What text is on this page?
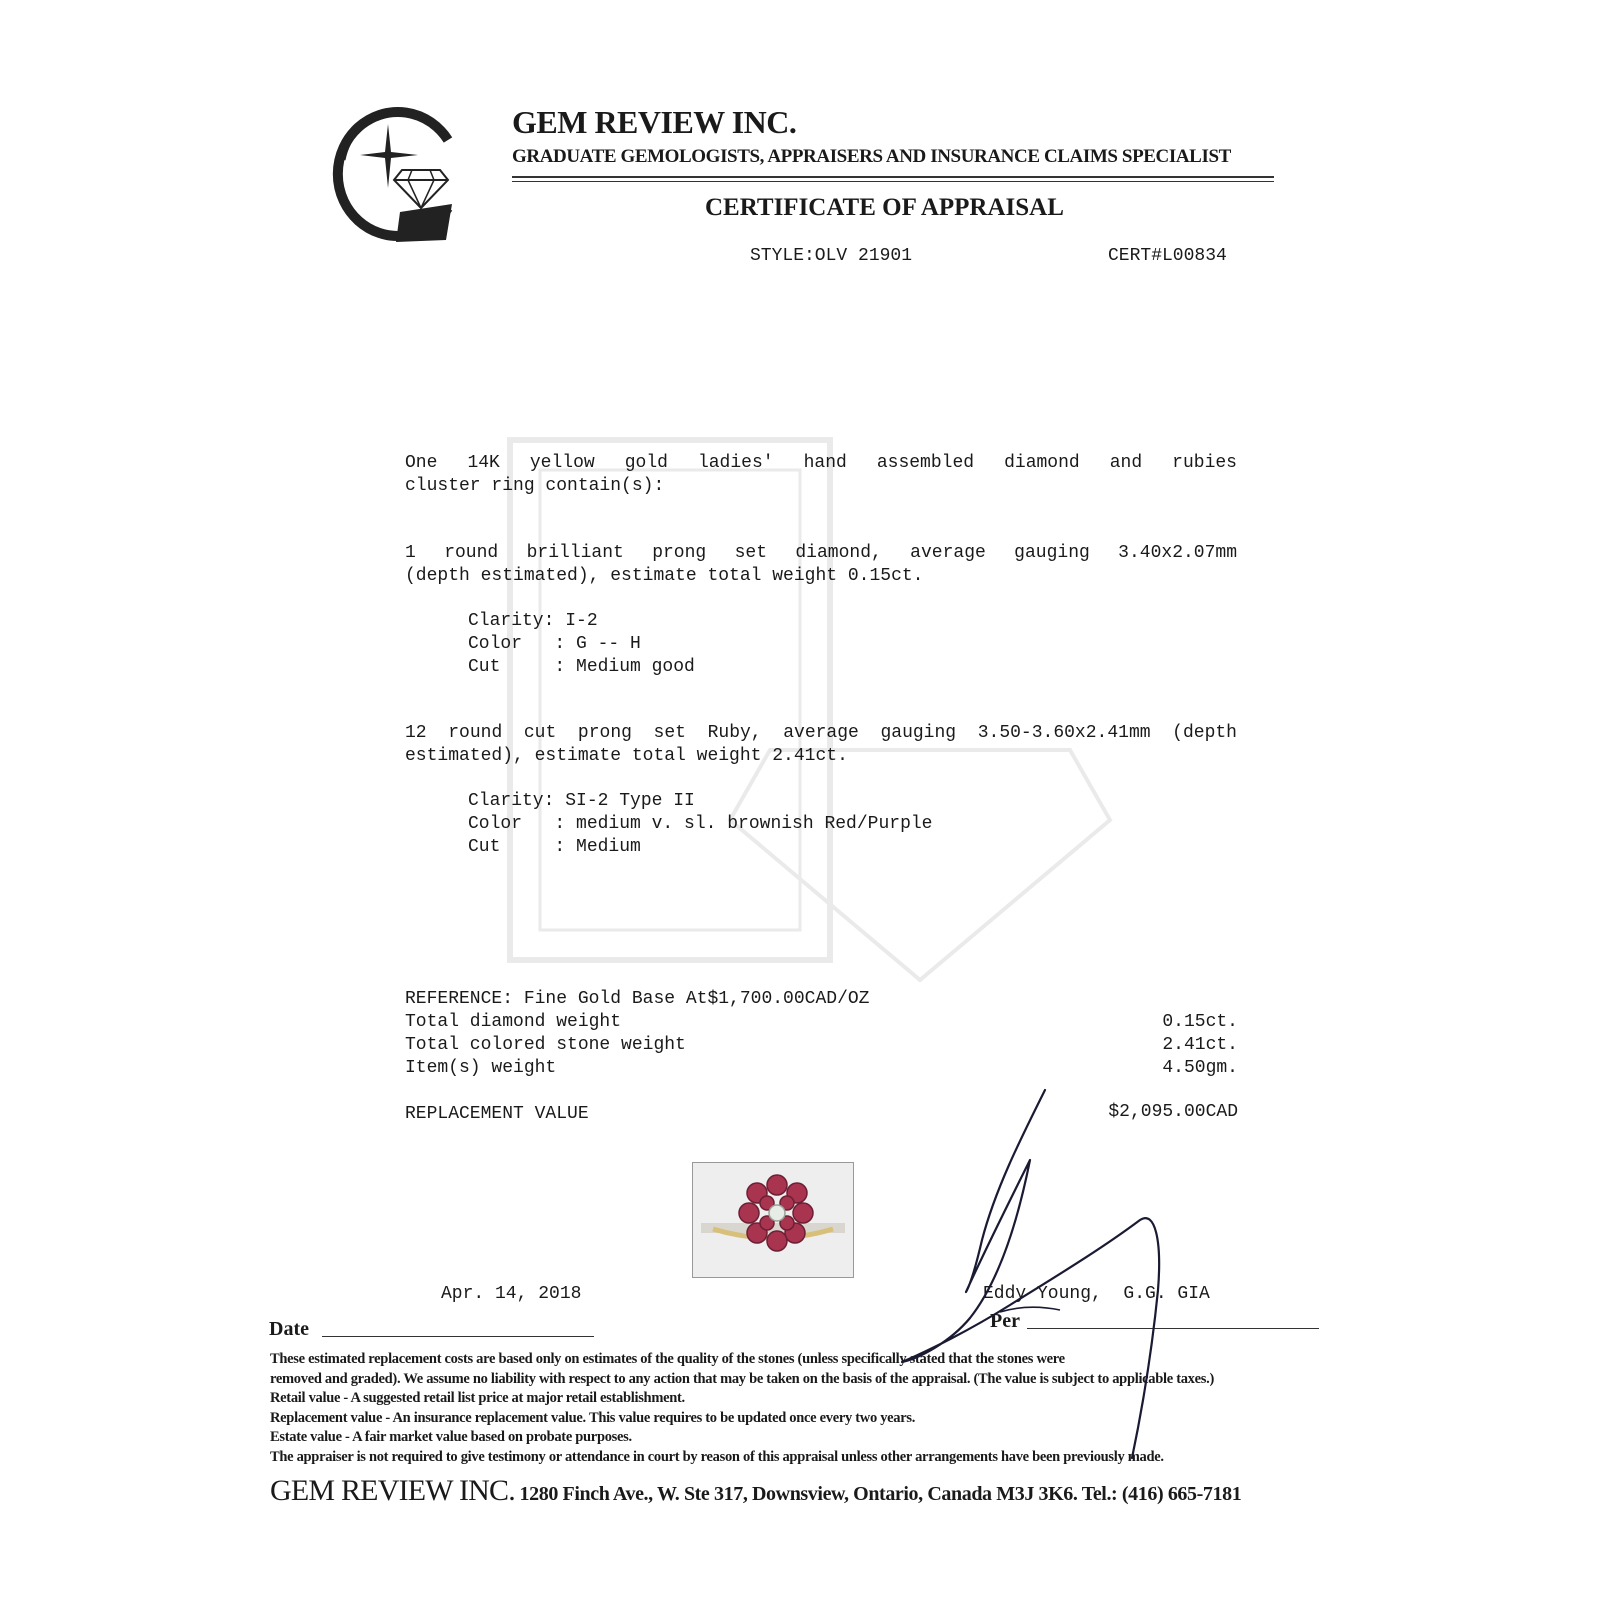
GEM REVIEW INC.
GRADUATE GEMOLOGISTS, APPRAISERS AND INSURANCE CLAIMS SPECIALIST
CERTIFICATE OF APPRAISAL
STYLE:OLV 21901	CERT#L00834
One 14K yellow gold ladies' hand assembled diamond and rubies
cluster ring contain(s):
1 round brilliant prong set diamond, average gauging 3.40x2.07mm
(depth estimated), estimate total weight 0.15ct.
Clarity: I-2
Color   : G -- H
Cut     : Medium good
12 round cut prong set Ruby, average gauging 3.50-3.60x2.41mm (depth
estimated), estimate total weight 2.41ct.
Clarity: SI-2 Type II
Color   : medium v. sl. brownish Red/Purple
Cut     : Medium
REFERENCE: Fine Gold Base At$1,700.00CAD/OZ
Total diamond weight	0.15ct.
Total colored stone weight	2.41ct.
Item(s) weight	4.50gm.
REPLACEMENT VALUE	$2,095.00CAD
Apr. 14, 2018	Eddy Young,  G.G. GIA
Date	Per
These estimated replacement costs are based only on estimates of the quality of the stones (unless specifically stated that the stones were
removed and graded). We assume no liability with respect to any action that may be taken on the basis of the appraisal. (The value is subject to applicable taxes.)
Retail value - A suggested retail list price at major retail establishment.
Replacement value - An insurance replacement value. This value requires to be updated once every two years.
Estate value - A fair market value based on probate purposes.
The appraiser is not required to give testimony or attendance in court by reason of this appraisal unless other arrangements have been previously made.
GEM REVIEW INC. 1280 Finch Ave., W. Ste 317, Downsview, Ontario, Canada M3J 3K6. Tel.: (416) 665-7181
